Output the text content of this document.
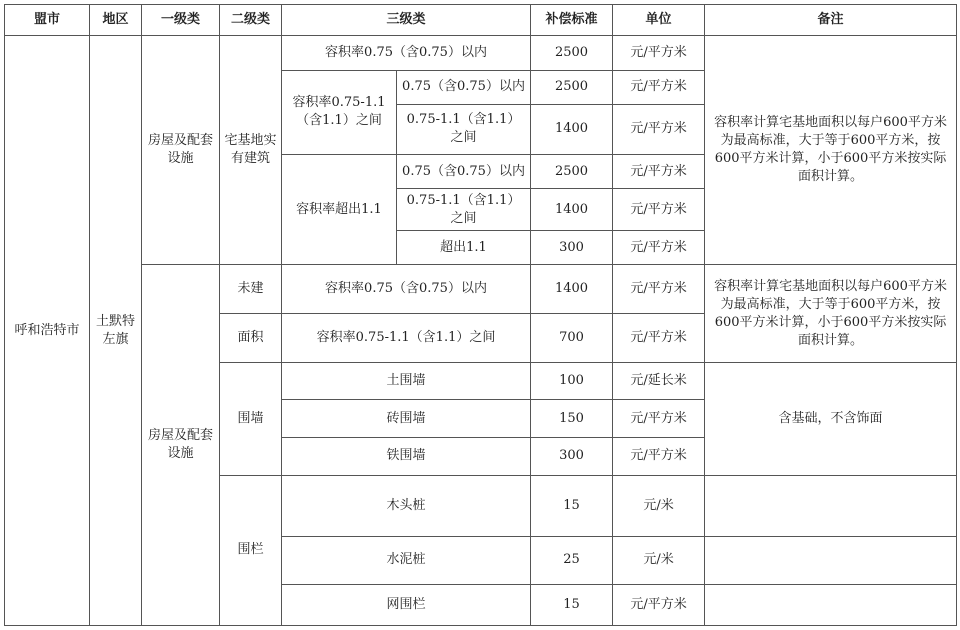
盟市	地区	一级类	二级类	三级类		补偿标准	单位	备注
呼和浩特市	土默特左旗	房屋及配套设施	宅基地实有建筑	容积率0.75（含0.75）以内		2500	元/平方米	容积率计算宅基地面积以每户600平方米为最高标准，大于等于600平方米，按600平方米计算，小于600平方米按实际面积计算。
				容积率0.75-1.1（含1.1）之间	0.75（含0.75）以内	2500	元/平方米	
					0.75-1.1（含1.1）之间	1400	元/平方米	
				容积率超出1.1	0.75（含0.75）以内	2500	元/平方米	
					0.75-1.1（含1.1）之间	1400	元/平方米	
					超出1.1	300	元/平方米	
		房屋及配套设施	未建	容积率0.75（含0.75）以内		1400	元/平方米	容积率计算宅基地面积以每户600平方米为最高标准，大于等于600平方米，按600平方米计算，小于600平方米按实际面积计算。
			面积	容积率0.75-1.1（含1.1）之间		700	元/平方米	
			围墙	土围墙		100	元/延长米	含基础，不含饰面
				砖围墙		150	元/平方米	
				铁围墙		300	元/平方米	
			围栏	木头桩		15	元/米	
				水泥桩		25	元/米	
				网围栏		15	元/平方米	
